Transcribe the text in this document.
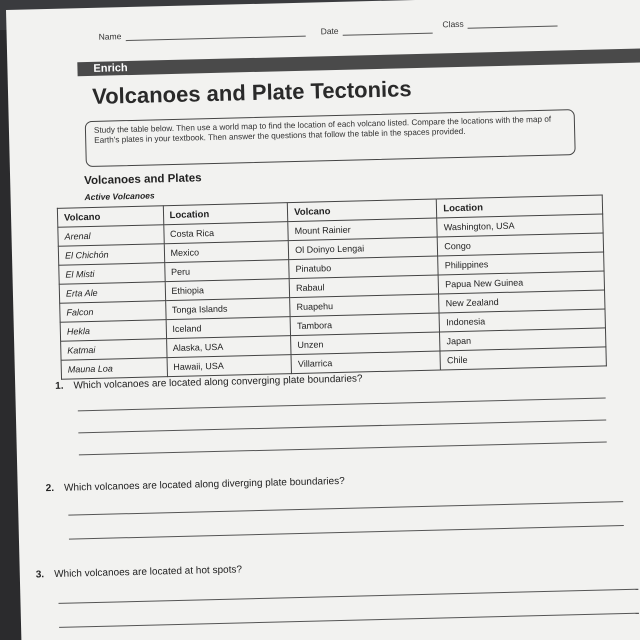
Name
Date
Class
Enrich
Volcanoes and Plate Tectonics
Study the table below. Then use a world map to find the location of each volcano listed. Compare the locations with the map of Earth's plates in your textbook. Then answer the questions that follow the table in the spaces provided.
Volcanoes and Plates
Active Volcanoes
Volcano	Location	Volcano	Location
Arenal	Costa Rica	Mount Rainier	Washington, USA
El Chichón	Mexico	Ol Doinyo Lengai	Congo
El Misti	Peru	Pinatubo	Philippines
Erta Ale	Ethiopia	Rabaul	Papua New Guinea
Falcon	Tonga Islands	Ruapehu	New Zealand
Hekla	Iceland	Tambora	Indonesia
Katmai	Alaska, USA	Unzen	Japan
Mauna Loa	Hawaii, USA	Villarrica	Chile
1. Which volcanoes are located along converging plate boundaries?
2. Which volcanoes are located along diverging plate boundaries?
3. Which volcanoes are located at hot spots?
